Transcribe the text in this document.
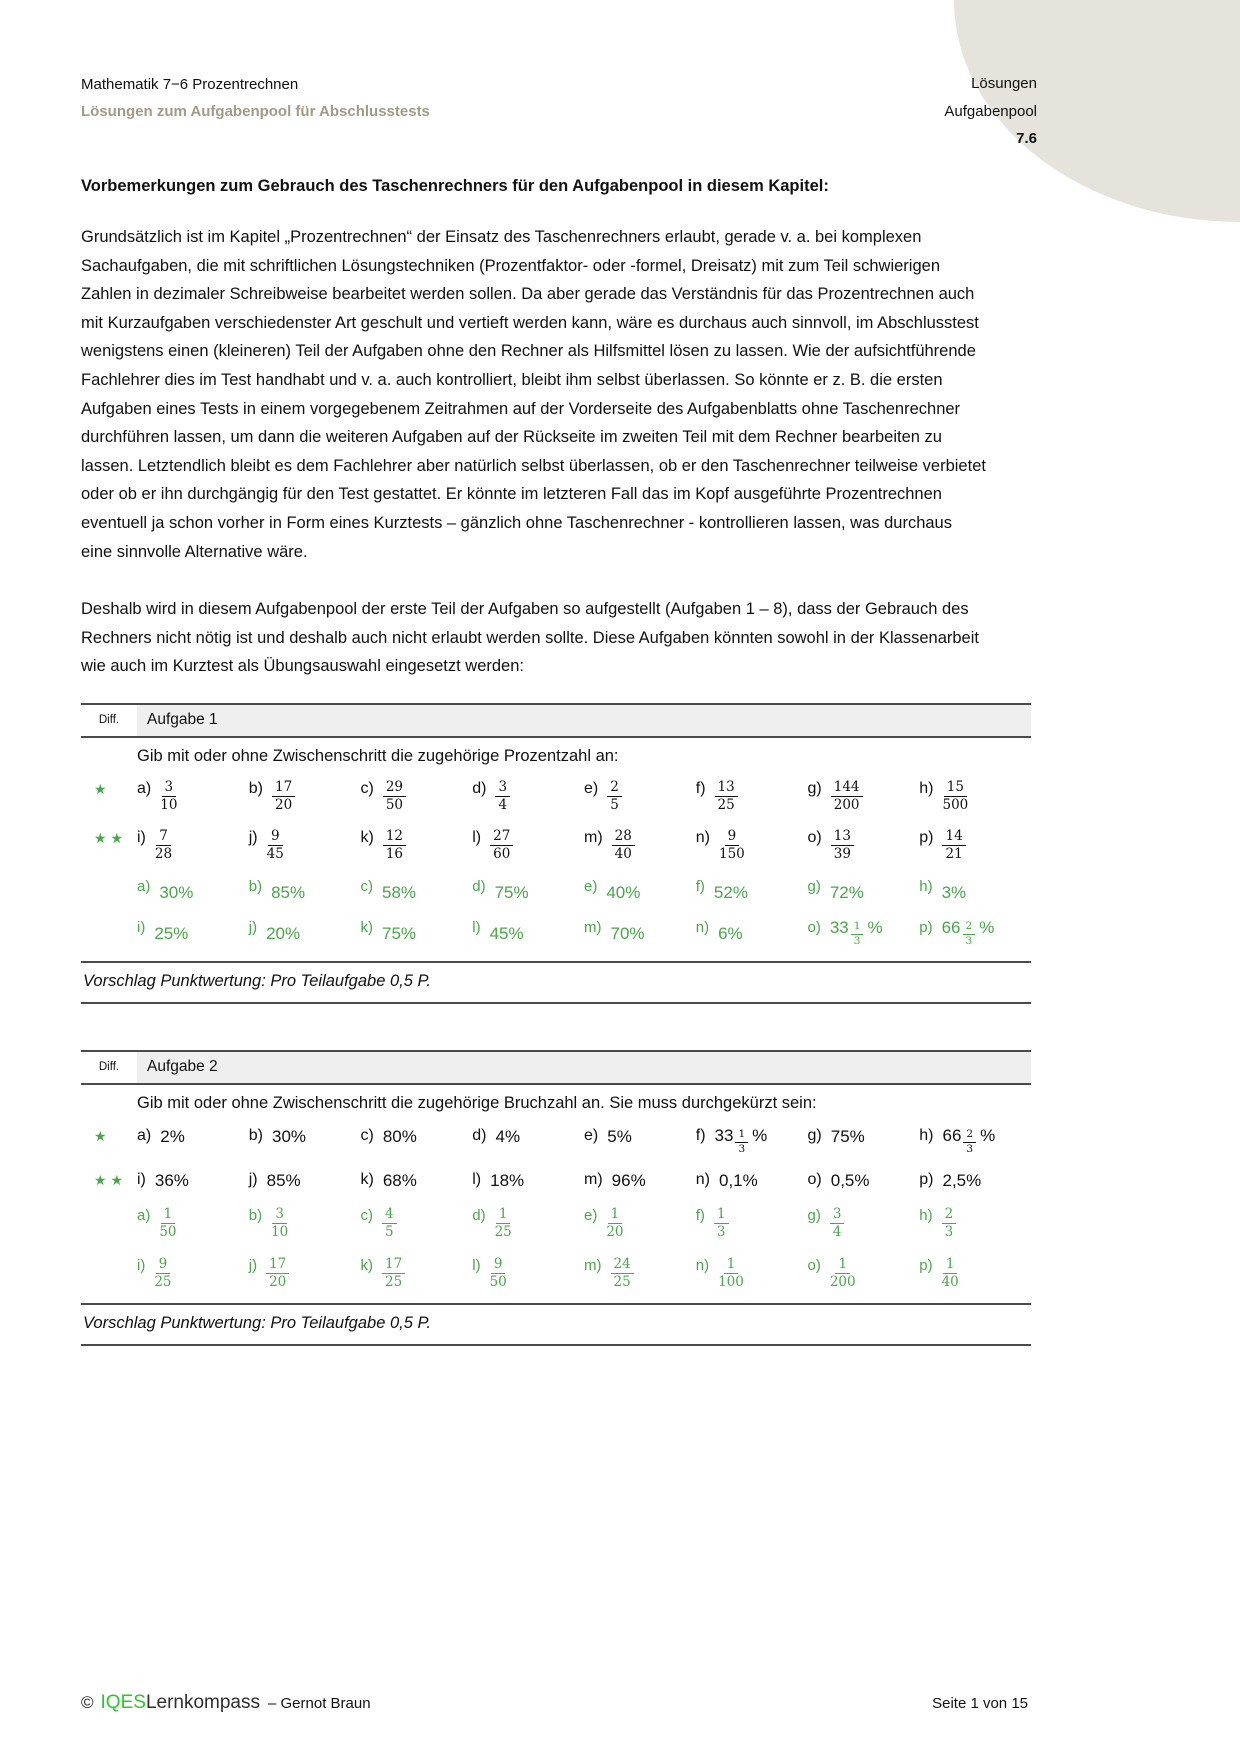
Lösungen
Aufgabenpool
7.6
Mathematik 7−6 Prozentrechnen
Lösungen zum Aufgabenpool für Abschlusstests
Vorbemerkungen zum Gebrauch des Taschenrechners für den Aufgabenpool in diesem Kapitel:

Grundsätzlich ist im Kapitel „Prozentrechnen“ der Einsatz des Taschenrechners erlaubt, gerade v. a. bei komplexen Sachaufgaben, die mit schriftlichen Lösungstechniken (Prozentfaktor- oder -formel, Dreisatz) mit zum Teil schwierigen Zahlen in dezimaler Schreibweise bearbeitet werden sollen. Da aber gerade das Verständnis für das Prozentrechnen auch mit Kurzaufgaben verschiedenster Art geschult und vertieft werden kann, wäre es durchaus auch sinnvoll, im Abschlusstest wenigstens einen (kleineren) Teil der Aufgaben ohne den Rechner als Hilfsmittel lösen zu lassen. Wie der aufsichtführende Fachlehrer dies im Test handhabt und v. a. auch kontrolliert, bleibt ihm selbst überlassen. So könnte er z. B. die ersten Aufgaben eines Tests in einem vorgegebenem Zeitrahmen auf der Vorderseite des Aufgabenblatts ohne Taschenrechner durchführen lassen, um dann die weiteren Aufgaben auf der Rückseite im zweiten Teil mit dem Rechner bearbeiten zu lassen. Letztendlich bleibt es dem Fachlehrer aber natürlich selbst überlassen, ob er den Taschenrechner teilweise verbietet oder ob er ihn durchgängig für den Test gestattet. Er könnte im letzteren Fall das im Kopf ausgeführte Prozentrechnen eventuell ja schon vorher in Form eines Kurztests – gänzlich ohne Taschenrechner - kontrollieren lassen, was durchaus eine sinnvolle Alternative wäre.

Deshalb wird in diesem Aufgabenpool der erste Teil der Aufgaben so aufgestellt (Aufgaben 1 – 8), dass der Gebrauch des Rechners nicht nötig ist und deshalb auch nicht erlaubt werden sollte. Diese Aufgaben könnten sowohl in der Klassenarbeit wie auch im Kurztest als Übungsauswahl eingesetzt werden:

Diff.	Aufgabe 1
Gib mit oder ohne Zwischenschritt die zugehörige Prozentzahl an:
★	$a) \frac{3}{10}$	$b) \frac{17}{20}$	$c) \frac{29}{50}$	$d) \frac{3}{4}$	$e) \frac{2}{5}$	$f) \frac{13}{25}$	$g) \frac{144}{200}$	$h) \frac{15}{500}$
★★ $i) \frac{7}{28}$	$j) \frac{9}{45}$	$k) \frac{12}{16}$	$l) \frac{27}{60}$	$m) \frac{28}{40}$	$n) \frac{9}{150}$	$o) \frac{13}{39}$	$p) \frac{14}{21}$
a) 30%	b) 85%	c) 58%	d) 75%	e) 40%	f) 52%	g) 72%	h) 3%
i) 25%	j) 20%	k) 75%	l) 45%	m) 70%	n) 6%	o) $33 \frac{1}{3}$ % p) $66 \frac{2}{3}$ %
Vorschlag Punktwertung: Pro Teilaufgabe 0,5 P.
Diff.	Aufgabe 2
Gib mit oder ohne Zwischenschritt die zugehörige Bruchzahl an. Sie muss durchgekürzt sein:
★	a) 2%	b) 30%	c) 80%	d) 4%	e) 5%	f) $33 \frac{1}{3}$ %	g) 75%	h) $66 \frac{2}{3}$ %
★★ i) 36%	j) 85%	k) 68%	l) 18%	m) 96%	n) 0,1%	o) 0,5%	p) 2,5%
$a) \frac{1}{50}$	$b) \frac{3}{10}$	$c) \frac{4}{5}$	$d) \frac{1}{25}$	$e) \frac{1}{20}$	$f) \frac{1}{3}$	$g) \frac{3}{4}$	$h) \frac{2}{3}$
$i) \frac{9}{25}$	$j) \frac{17}{20}$	$k) \frac{17}{25}$	$l) \frac{9}{50}$	$m) \frac{24}{25}$	$n) \frac{1}{100}$	$o) \frac{1}{200}$	$p) \frac{1}{40}$
Vorschlag Punktwertung: Pro Teilaufgabe 0,5 P.
© IQES Lernkompass – Gernot Braun	Seite 1 von 15
